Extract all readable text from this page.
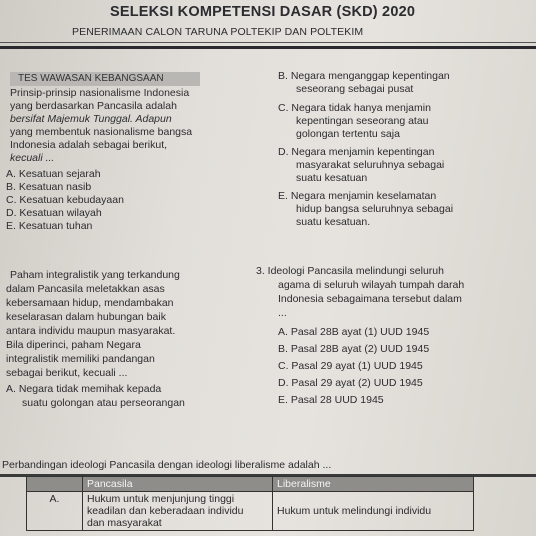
SELEKSI KOMPETENSI DASAR (SKD) 2020
PENERIMAAN CALON TARUNA POLTEKIP DAN POLTEKIM
TES WAWASAN KEBANGSAAN
Prinsip-prinsip nasionalisme Indonesia
yang berdasarkan Pancasila adalah
bersifat Majemuk Tunggal. Adapun
yang membentuk nasionalisme bangsa
Indonesia adalah sebagai berikut,
kecuali ...
A. Kesatuan sejarah
B. Kesatuan nasib
C. Kesatuan kebudayaan
D. Kesatuan wilayah
E. Kesatuan tuhan
B. Negara menganggap kepentingan
seseorang sebagai pusat
C. Negara tidak hanya menjamin
kepentingan seseorang atau
golongan tertentu saja
D. Negara menjamin kepentingan
masyarakat seluruhnya sebagai
suatu kesatuan
E. Negara menjamin keselamatan
hidup bangsa seluruhnya sebagai
suatu kesatuan.
Paham integralistik yang terkandung
dalam Pancasila meletakkan asas
kebersamaan hidup, mendambakan
keselarasan dalam hubungan baik
antara individu maupun masyarakat.
Bila diperinci, paham Negara
integralistik memiliki pandangan
sebagai berikut, kecuali ...
A. Negara tidak memihak kepada
suatu golongan atau perseorangan
3. Ideologi Pancasila melindungi seluruh
agama di seluruh wilayah tumpah darah
Indonesia sebagaimana tersebut dalam
...
A. Pasal 28B ayat (1) UUD 1945
B. Pasal 28B ayat (2) UUD 1945
C. Pasal 29 ayat (1) UUD 1945
D. Pasal 29 ayat (2) UUD 1945
E. Pasal 28 UUD 1945
Perbandingan ideologi Pancasila dengan ideologi liberalisme adalah ...
	Pancasila	Liberalisme
A.	Hukum untuk menjunjung tinggi
keadilan dan keberadaan individu
dan masyarakat	Hukum untuk melindungi individu
